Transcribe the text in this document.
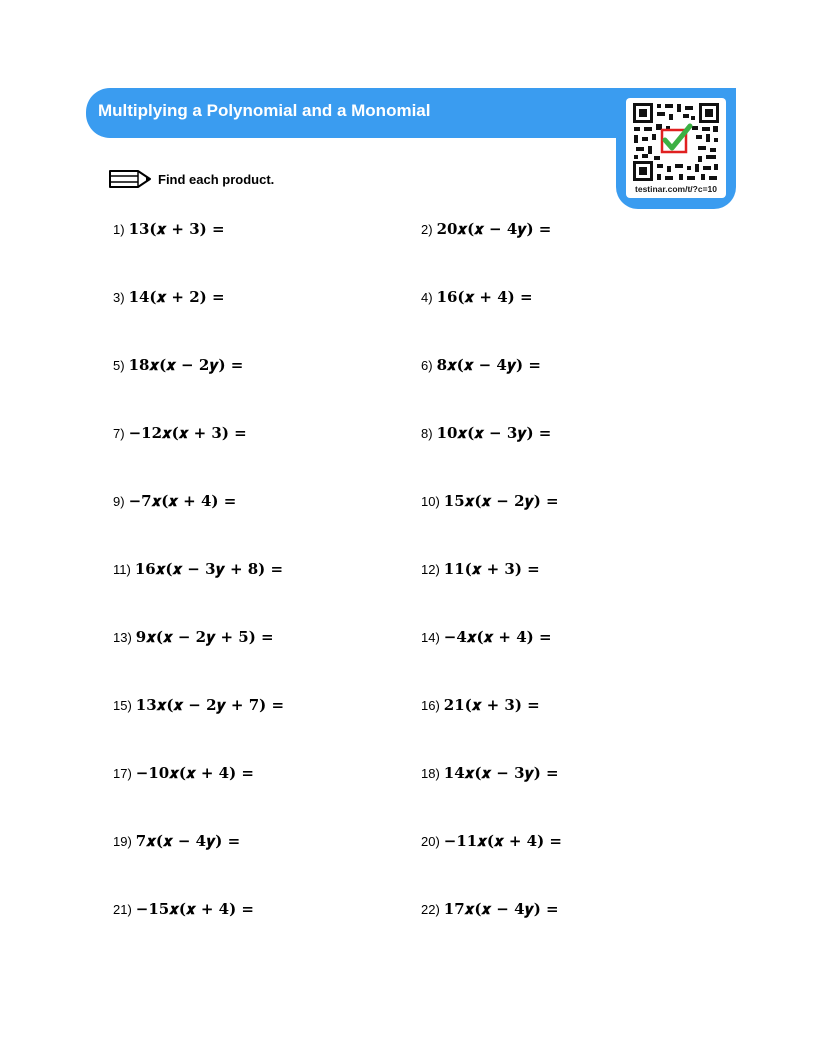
Multiplying a Polynomial and a Monomial
testinar.com/t/?c=10
Find each product.
1) 13(𝒙 + 3) =	2) 20𝒙(𝒙 − 4𝒚) =
3) 14(𝒙 + 2) =	4) 16(𝒙 + 4) =
5) 18𝒙(𝒙 − 2𝒚) =	6) 8𝒙(𝒙 − 4𝒚) =
7) −12𝒙(𝒙 + 3) =	8) 10𝒙(𝒙 − 3𝒚) =
9) −7𝒙(𝒙 + 4) =	10) 15𝒙(𝒙 − 2𝒚) =
11) 16𝒙(𝒙 − 3𝒚 + 8) =	12) 11(𝒙 + 3) =
13) 9𝒙(𝒙 − 2𝒚 + 5) =	14) −4𝒙(𝒙 + 4) =
15) 13𝒙(𝒙 − 2𝒚 + 7) =	16) 21(𝒙 + 3) =
17) −10𝒙(𝒙 + 4) =	18) 14𝒙(𝒙 − 3𝒚) =
19) 7𝒙(𝒙 − 4𝒚) =	20) −11𝒙(𝒙 + 4) =
21) −15𝒙(𝒙 + 4) =	22) 17𝒙(𝒙 − 4𝒚) =
